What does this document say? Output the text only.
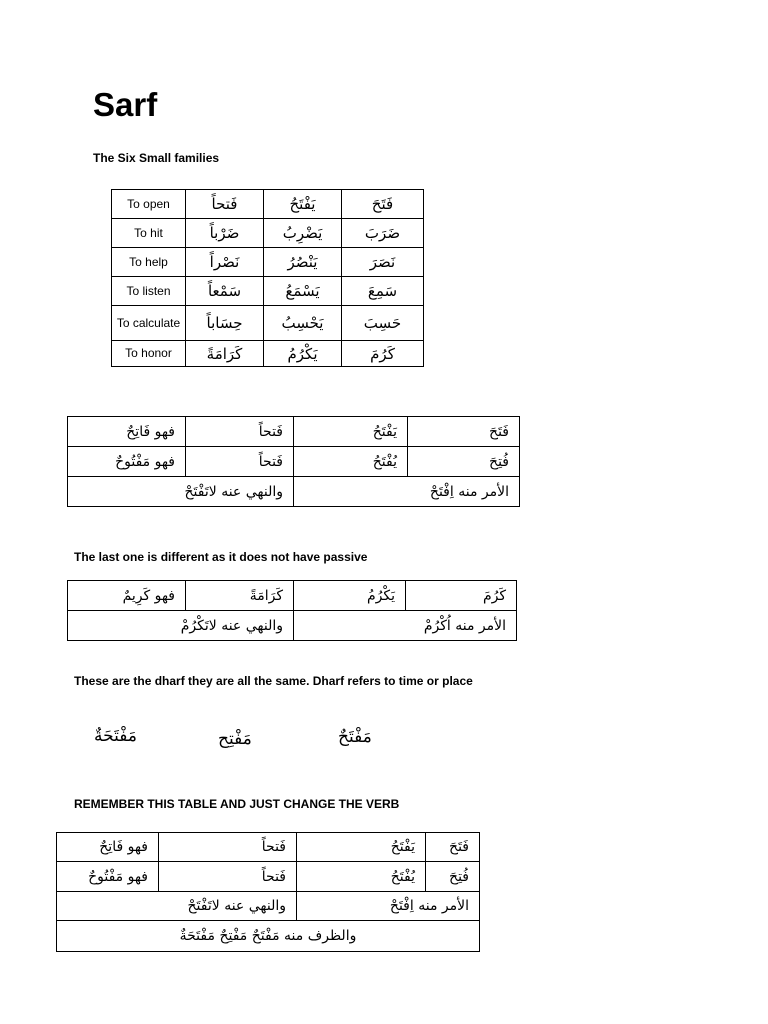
Sarf
The Six Small families
To open	فَتحاً	يَفْتَحُ	فَتَحَ
To hit	ضَرْباً	يَضْرِبُ	ضَرَبَ
To help	نَصْراً	يَنْصُرُ	نَصَرَ
To listen	سَمْعاً	يَسْمَعُ	سَمِعَ
To calculate	حِسَاباً	يَحْسِبُ	حَسِبَ
To honor	كَرَامَةً	يَكْرُمُ	كَرُمَ
فهو فَاتِحٌ	فَتحاً	يَفْتَحُ	فَتَحَ
فهو مَفْتُوحٌ	فَتحاً	يُفْتَحُ	فُتِحَ
والنهي عنه لاتَفْتَحْ		الأمر منه اِفْتَحْ	
The last one is different as it does not have passive
فهو كَرِيمٌ	كَرَامَةً	يَكْرُمُ	كَرُمَ
والنهي عنه لاتَكْرُمْ		الأمر منه اُكْرُمْ	
These are the dharf they are all the same. Dharf refers to time or place
مَفْتَحٌ
مَفْتِح
مَفْتَحَةٌ
REMEMBER THIS TABLE AND JUST CHANGE THE VERB
فهو فَاتِحٌ	فَتحاً	يَفْتَحُ	فَتَحَ
فهو مَفْتُوحٌ	فَتحاً	يُفْتَحُ	فُتِحَ
والنهي عنه لاتَفْتَحْ		الأمر منه اِفْتَحْ	
والظرف منه مَفْتَحٌ مَفْتِحٌ مَفْتَحَةٌ			
